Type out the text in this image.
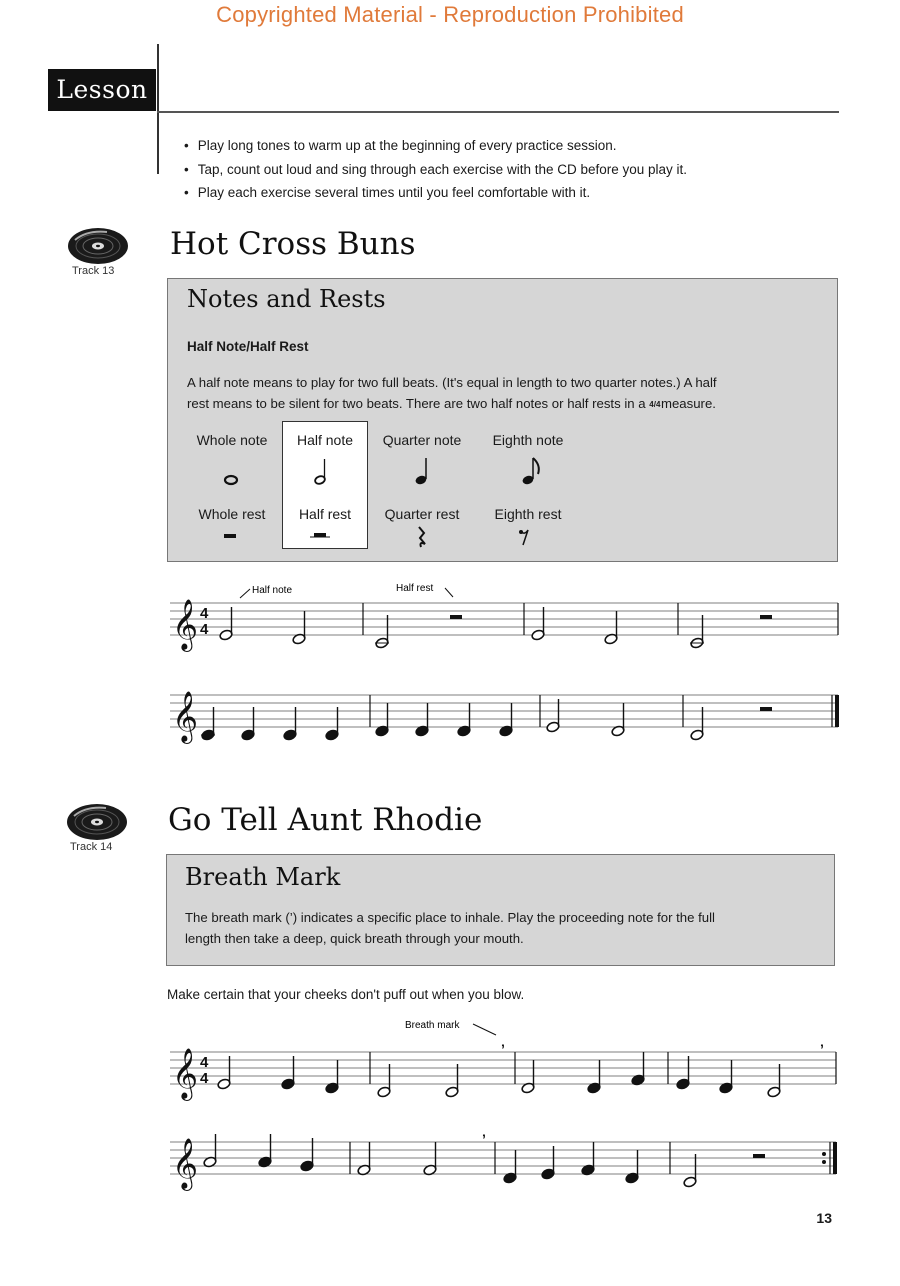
Copyrighted Material - Reproduction Prohibited
Lesson 2
•	Play long tones to warm up at the beginning of every practice session.
• Tap, count out loud and sing through each exercise with the CD before you play it.
• Play each exercise several times until you feel comfortable with it.
Track 13
Hot Cross Buns
Notes and Rests
Half Note/Half Rest
A half note means to play for two full beats. (It's equal in length to two quarter notes.) A half
rest means to be silent for two beats. There are two half notes or half rests in a 4/4 measure.
Whole note	Half note	Quarter note	Eighth note
Whole rest	Half rest	Quarter rest	Eighth rest
Half note	Half rest
𝄞 4
4
𝄞
Track 14
Go Tell Aunt Rhodie
Breath Mark
The breath mark (’) indicates a specific place to inhale. Play the proceeding note for the full
length then take a deep, quick breath through your mouth.
Make certain that your cheeks don't puff out when you blow.
Breath mark
’	’
’
𝄞 4
4
𝄞
13
